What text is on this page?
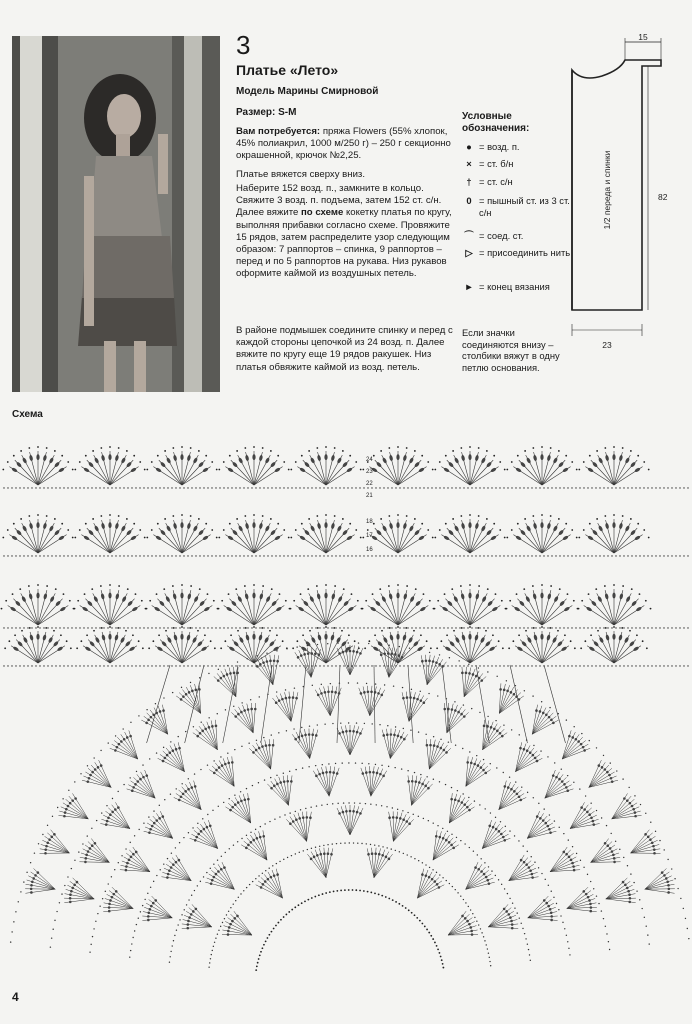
3
Платье «Лето»
Модель Марины Смирновой
Размер: S-M
Вам потребуется: пряжа Flowers (55% хлопок, 45% полиакрил, 1000 м/250 г) – 250 г секционно окрашенной, крючок №2,25.
Платье вяжется сверху вниз.
Наберите 152 возд. п., замкните в кольцо. Свяжите 3 возд. п. подъема, затем 152 ст. с/н. Далее вяжите по схеме кокетку платья по кругу, выполняя прибавки согласно схеме. Провяжите 15 рядов, затем распределите узор следующим образом: 7 раппортов – спинка, 9 раппортов – перед и по 5 раппортов на рукава. Низ рукавов оформите каймой из воздушных петель.
В районе подмышек соедините спинку и перед с каждой стороны цепочкой из 24 возд. п. Далее вяжите по кругу еще 19 рядов ракушек. Низ платья обвяжите каймой из возд. петель.
Условные обозначения:
● = возд. п.
× = ст. б/н
† = ст. с/н
0 = пышный ст. из 3 ст. с/н
⌒ = соед. ст.
▷ = присоединить нить
► = конец вязания
Если значки соединяются внизу – столбики вяжут в одну петлю основания.
15
82
23
1/2 переда и спинки
Схема
24
23
22
21
18
17
16
4
